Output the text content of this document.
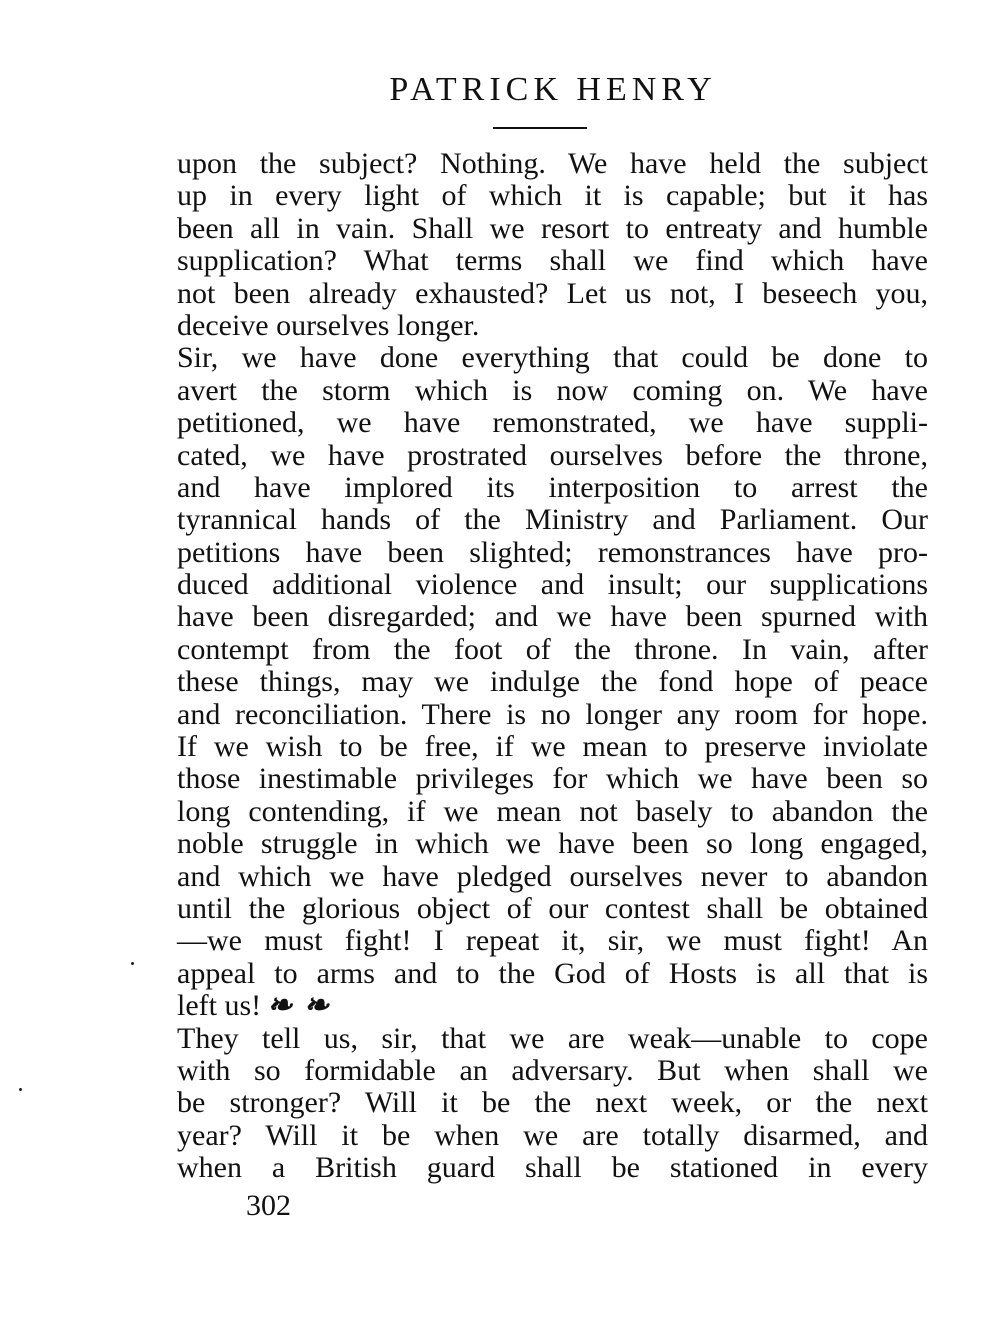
PATRICK HENRY
upon the subject? Nothing. We have held the subject
up in every light of which it is capable; but it has
been all in vain. Shall we resort to entreaty and humble
supplication? What terms shall we find which have
not been already exhausted? Let us not, I beseech you,
deceive ourselves longer.
Sir, we have done everything that could be done to
avert the storm which is now coming on. We have
petitioned, we have remonstrated, we have suppli-
cated, we have prostrated ourselves before the throne,
and have implored its interposition to arrest the
tyrannical hands of the Ministry and Parliament. Our
petitions have been slighted; remonstrances have pro-
duced additional violence and insult; our supplications
have been disregarded; and we have been spurned with
contempt from the foot of the throne. In vain, after
these things, may we indulge the fond hope of peace
and reconciliation. There is no longer any room for hope.
If we wish to be free, if we mean to preserve inviolate
those inestimable privileges for which we have been so
long contending, if we mean not basely to abandon the
noble struggle in which we have been so long engaged,
and which we have pledged ourselves never to abandon
until the glorious object of our contest shall be obtained
—we must fight! I repeat it, sir, we must fight! An
appeal to arms and to the God of Hosts is all that is
left us! ❧ ❧
They tell us, sir, that we are weak—unable to cope
with so formidable an adversary. But when shall we
be stronger? Will it be the next week, or the next
year? Will it be when we are totally disarmed, and
when a British guard shall be stationed in every
302
